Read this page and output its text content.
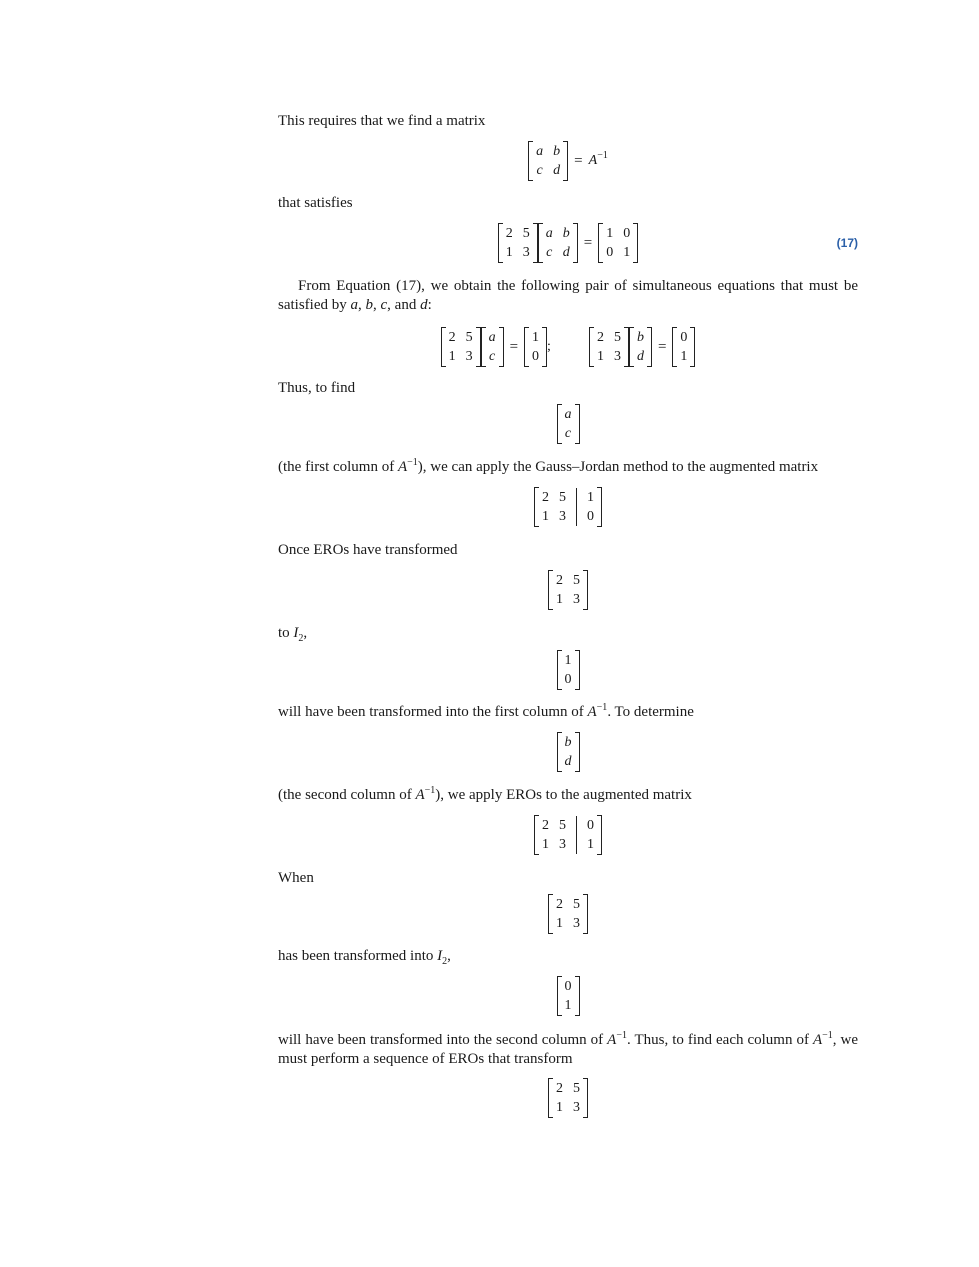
This requires that we find a matrix
a b
c d
= $A^{-1}$
that satisfies
2 5
1 3
a b
c d
=
1 0
0 1
(17)
From Equation (17), we obtain the following pair of simultaneous equations that must be satisfied by a, b, c, and d:
2 5
1 3
a
c
=
1
0
;
2 5
1 3
b
d
=
0
1
Thus, to find
a
c
(the first column of $A^{-1}$), we can apply the Gauss–Jordan method to the augmented matrix
2 5 1
1 3 0
Once EROs have transformed
2 5
1 3
to $I_2$,
1
0
will have been transformed into the first column of $A^{-1}$. To determine
b
d
(the second column of $A^{-1}$), we apply EROs to the augmented matrix
2 5 0
1 3 1
When
2 5
1 3
has been transformed into $I_2$,
0
1
will have been transformed into the second column of $A^{-1}$. Thus, to find each column of $A^{-1}$, we must perform a sequence of EROs that transform
2 5
1 3
